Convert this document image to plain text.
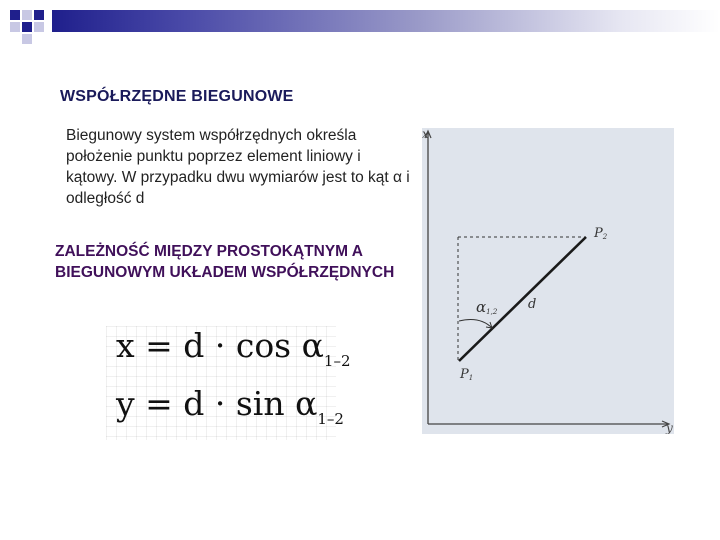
WSPÓŁRZĘDNE BIEGUNOWE
Biegunowy system współrzędnych określa położenie punktu poprzez element liniowy i kątowy. W przypadku dwu wymiarów jest to kąt α i odległość d
ZALEŻNOŚĆ MIĘDZY PROSTOKĄTNYM A BIEGUNOWYM UKŁADEM WSPÓŁRZĘDNYCH
$x = d \cdot \cos \alpha_{1-2}$
$y = d \cdot \sin \alpha_{1-2}$
x
y
α1,2 d
P1
P2
